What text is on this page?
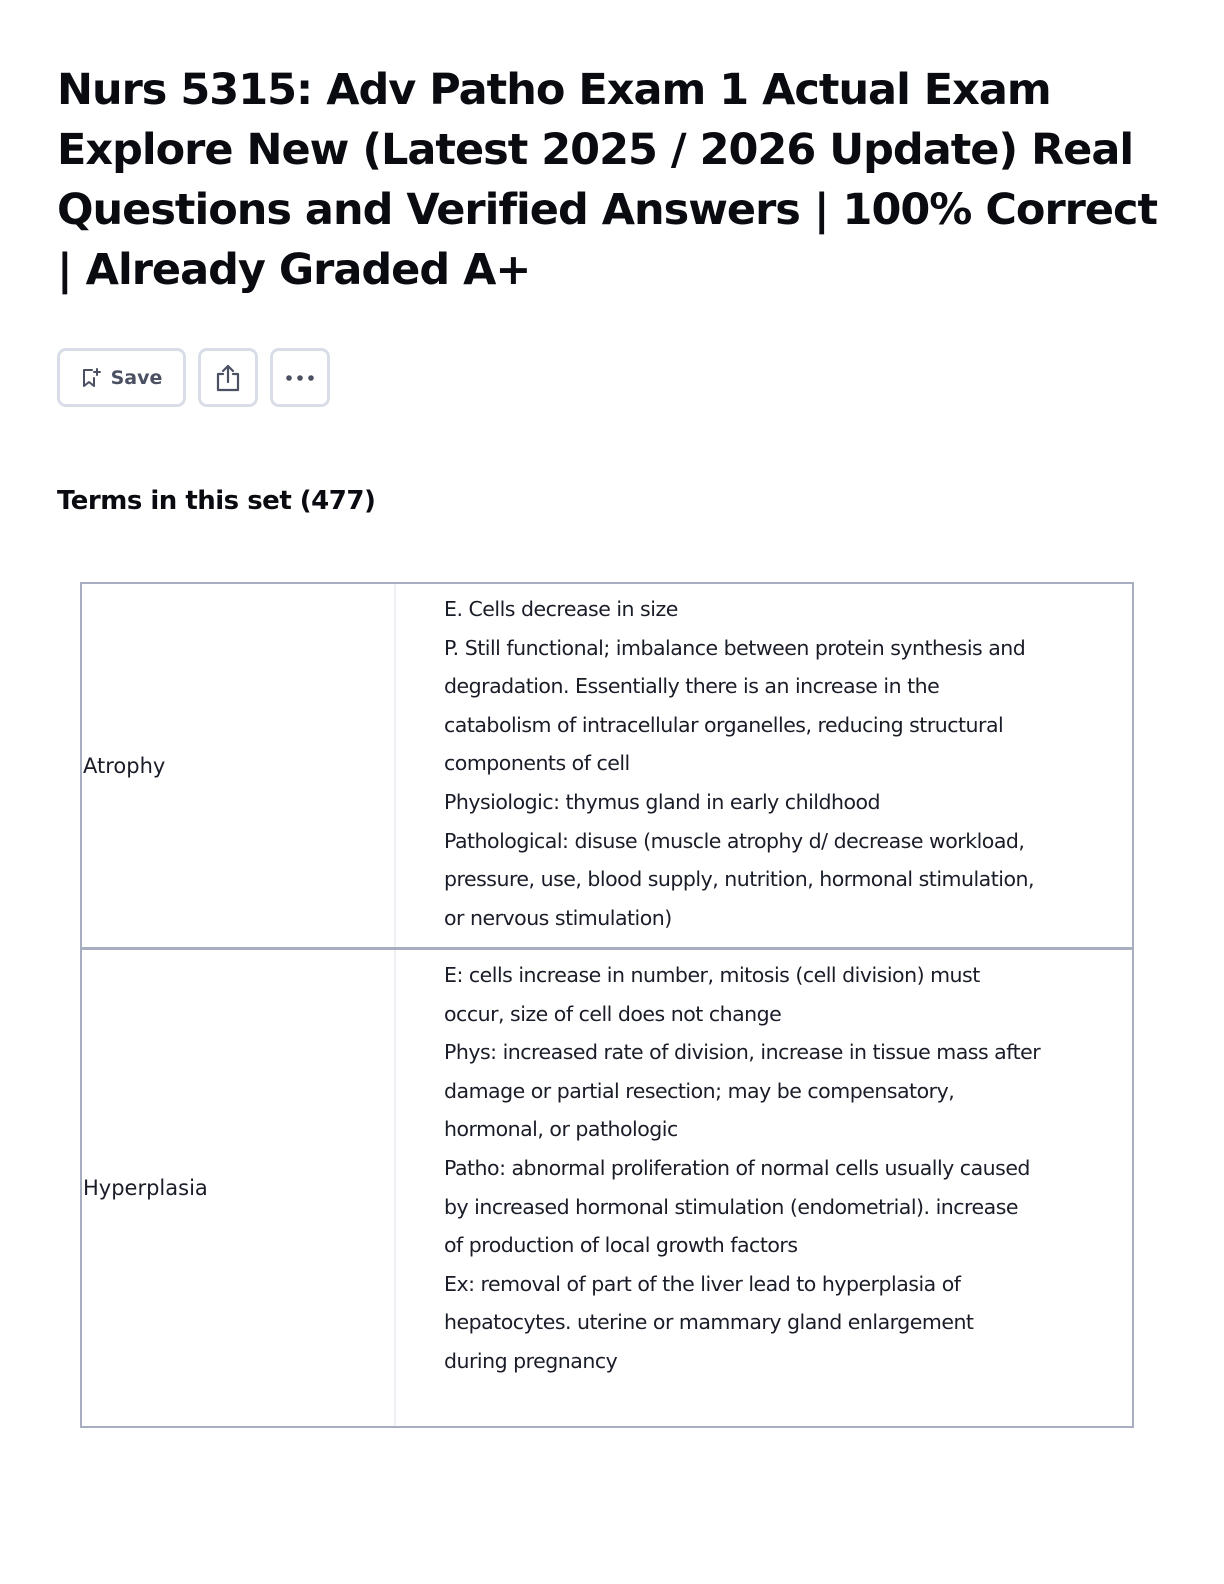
Nurs 5315: Adv Patho Exam 1 Actual Exam Explore New (Latest 2025 / 2026 Update) Real Questions and Verified Answers | 100% Correct | Already Graded A+
Save
Terms in this set (477)
Atrophy
E. Cells decrease in size
P. Still functional; imbalance between protein synthesis and degradation. Essentially there is an increase in the catabolism of intracellular organelles, reducing structural components of cell
Physiologic: thymus gland in early childhood
Pathological: disuse (muscle atrophy d/ decrease workload, pressure, use, blood supply, nutrition, hormonal stimulation, or nervous stimulation)
Hyperplasia
E: cells increase in number, mitosis (cell division) must occur, size of cell does not change
Phys: increased rate of division, increase in tissue mass after damage or partial resection; may be compensatory, hormonal, or pathologic
Patho: abnormal proliferation of normal cells usually caused by increased hormonal stimulation (endometrial). increase of production of local growth factors
Ex: removal of part of the liver lead to hyperplasia of hepatocytes. uterine or mammary gland enlargement during pregnancy
